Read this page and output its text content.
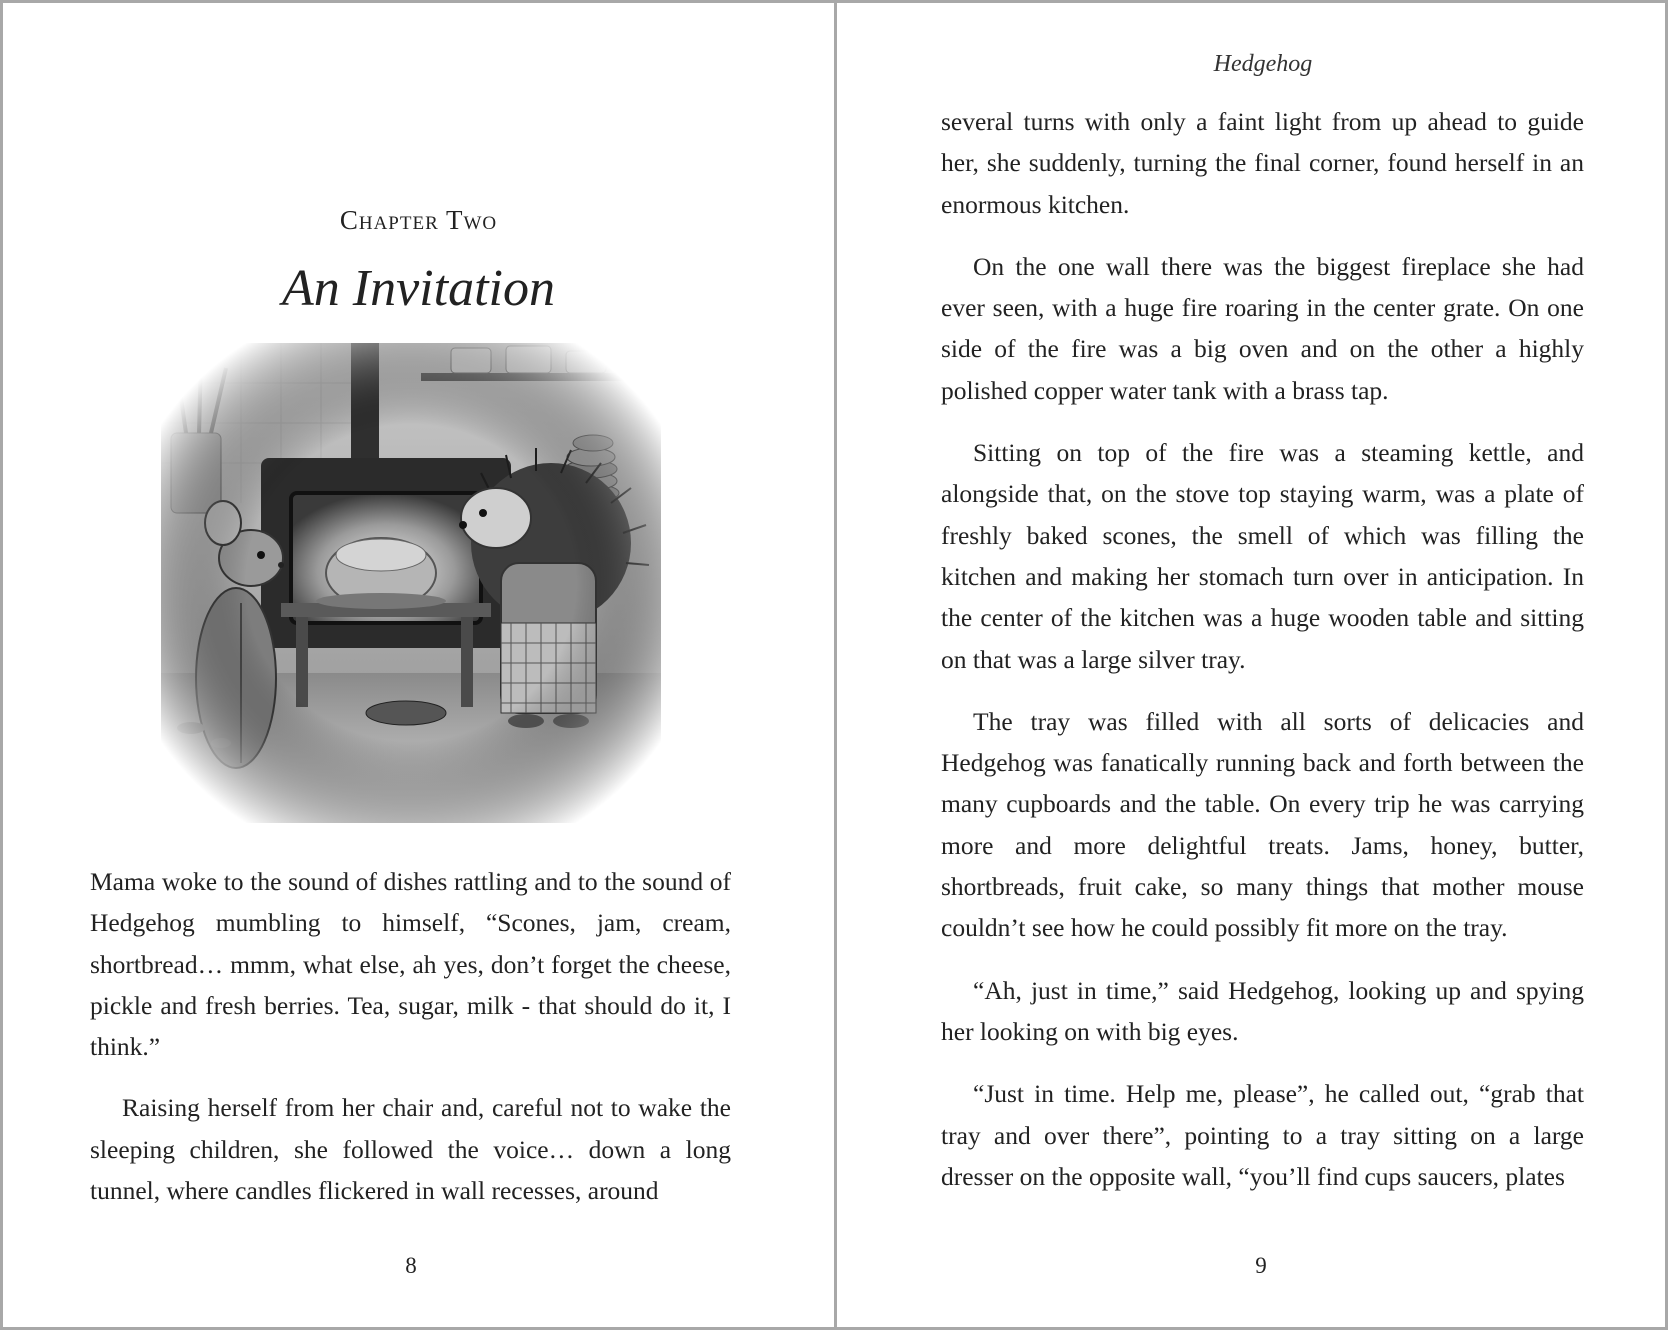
Chapter Two
An Invitation

Mama woke to the sound of dishes rattling and to the sound of Hedgehog mumbling to himself, “Scones, jam, cream, shortbread… mmm, what else, ah yes, don’t forget the cheese, pickle and fresh berries. Tea, sugar, milk - that should do it, I think.”

Raising herself from her chair and, careful not to wake the sleeping children, she followed the voice… down a long tunnel, where candles flickered in wall recesses, around

8
Hedgehog

several turns with only a faint light from up ahead to guide her, she suddenly, turning the final corner, found herself in an enormous kitchen.

On the one wall there was the biggest fireplace she had ever seen, with a huge fire roaring in the center grate. On one side of the fire was a big oven and on the other a highly polished copper water tank with a brass tap.

Sitting on top of the fire was a steaming kettle, and alongside that, on the stove top staying warm, was a plate of freshly baked scones, the smell of which was filling the kitchen and making her stomach turn over in anticipation. In the center of the kitchen was a huge wooden table and sitting on that was a large silver tray.

The tray was filled with all sorts of delicacies and Hedgehog was fanatically running back and forth between the many cupboards and the table. On every trip he was carrying more and more delightful treats. Jams, honey, butter, shortbreads, fruit cake, so many things that mother mouse couldn’t see how he could possibly fit more on the tray.

“Ah, just in time,” said Hedgehog, looking up and spying her looking on with big eyes.

“Just in time. Help me, please”, he called out, “grab that tray and over there”, pointing to a tray sitting on a large dresser on the opposite wall, “you’ll find cups saucers, plates

9
